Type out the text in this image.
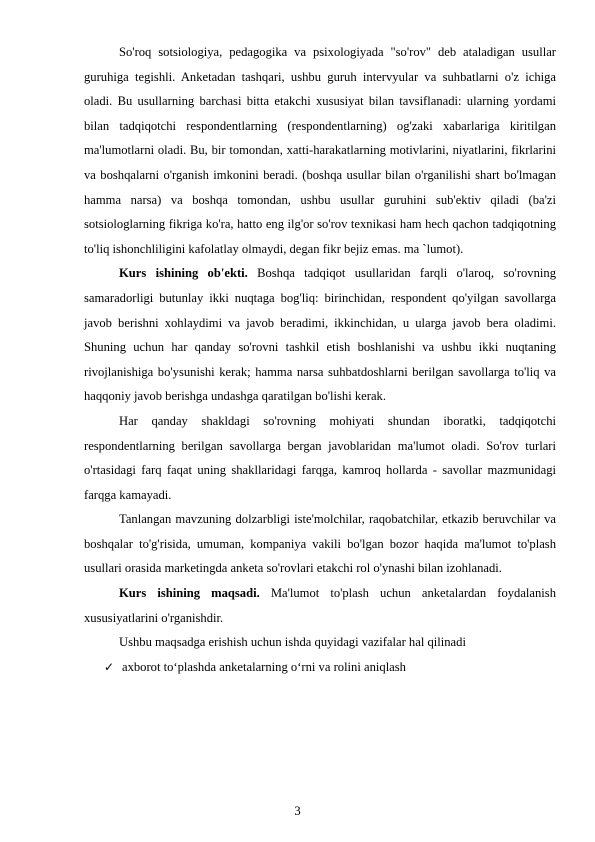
So'roq sotsiologiya, pedagogika va psixologiyada "so'rov" deb ataladigan usullar guruhiga tegishli. Anketadan tashqari, ushbu guruh intervyular va suhbatlarni o'z ichiga oladi. Bu usullarning barchasi bitta etakchi xususiyat bilan tavsiflanadi: ularning yordami bilan tadqiqotchi respondentlarning (respondentlarning) og'zaki xabarlariga kiritilgan ma'lumotlarni oladi. Bu, bir tomondan, xatti-harakatlarning motivlarini, niyatlarini, fikrlarini va boshqalarni o'rganish imkonini beradi. (boshqa usullar bilan o'rganilishi shart bo'lmagan hamma narsa) va boshqa tomondan, ushbu usullar guruhini sub'ektiv qiladi (ba'zi sotsiologlarning fikriga ko'ra, hatto eng ilg'or so'rov texnikasi ham hech qachon tadqiqotning to'liq ishonchliligini kafolatlay olmaydi, degan fikr bejiz emas. ma `lumot).

Kurs ishining ob'ekti. Boshqa tadqiqot usullaridan farqli o'laroq, so'rovning samaradorligi butunlay ikki nuqtaga bog'liq: birinchidan, respondent qo'yilgan savollarga javob berishni xohlaydimi va javob beradimi, ikkinchidan, u ularga javob bera oladimi. Shuning uchun har qanday so'rovni tashkil etish boshlanishi va ushbu ikki nuqtaning rivojlanishiga bo'ysunishi kerak; hamma narsa suhbatdoshlarni berilgan savollarga to'liq va haqqoniy javob berishga undashga qaratilgan bo'lishi kerak.

Har qanday shakldagi so'rovning mohiyati shundan iboratki, tadqiqotchi respondentlarning berilgan savollarga bergan javoblaridan ma'lumot oladi. So'rov turlari o'rtasidagi farq faqat uning shakllaridagi farqga, kamroq hollarda - savollar mazmunidagi farqga kamayadi.

Tanlangan mavzuning dolzarbligi iste'molchilar, raqobatchilar, etkazib beruvchilar va boshqalar to'g'risida, umuman, kompaniya vakili bo'lgan bozor haqida ma'lumot to'plash usullari orasida marketingda anketa so'rovlari etakchi rol o'ynashi bilan izohlanadi.

Kurs ishining maqsadi. Ma'lumot to'plash uchun anketalardan foydalanish xususiyatlarini o'rganishdir.

Ushbu maqsadga erishish uchun ishda quyidagi vazifalar hal qilinadi

✓ axborot to‘plashda anketalarning o‘rni va rolini aniqlash
3
